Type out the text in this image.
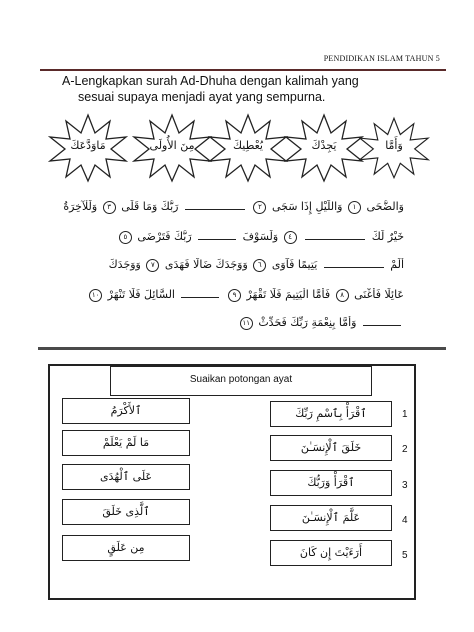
PENDIDIKAN ISLAM TAHUN 5
A-Lengkapkan surah Ad-Dhuha dengan kalimah yang
sesuai supaya menjadi ayat yang sempurna.
مَاوَدَّعَكَ	مِنَ الأُولَى	يُعْطِيكَ	يَجِدْكَ	وَأَمَّا
وَالضُّحَى ١ وَاللَّيْلِ إِذَا سَجَى ٢  رَبُّكَ وَمَا قَلَى ٣ وَلَلْآخِرَةُ
خَيْرٌ لَكَ  ٤ وَلَسَوْفَ  رَبُّكَ فَتَرْضَى ٥
أَلَمْ  يَتِيمًا فَآوَى ٦ وَوَجَدَكَ ضَالًّا فَهَدَى ٧ وَوَجَدَكَ
عَائِلًا فَأَغْنَى ٨ فَأَمَّا الْيَتِيمَ فَلَا تَقْهَرْ ٩  السَّائِلَ فَلَا تَنْهَرْ ١٠
وَأَمَّا بِنِعْمَةِ رَبِّكَ فَحَدِّثْ ١١
Suaikan potongan ayat
ٱلأَكْرَمُ
مَا لَمْ يَعْلَمْ
عَلَى ٱلْهُدَى
ٱلَّذِى خَلَقَ
مِن عَلَقٍ
ٱقْرَأْ بِٱسْمِ رَبِّكَ
خَلَقَ ٱلْإِنسَـٰنَ
ٱقْرَأْ وَرَبُّكَ
عَلَّمَ ٱلْإِنسَـٰنَ
أَرَءَيْتَ إِن كَانَ
1
2
3
4
5
